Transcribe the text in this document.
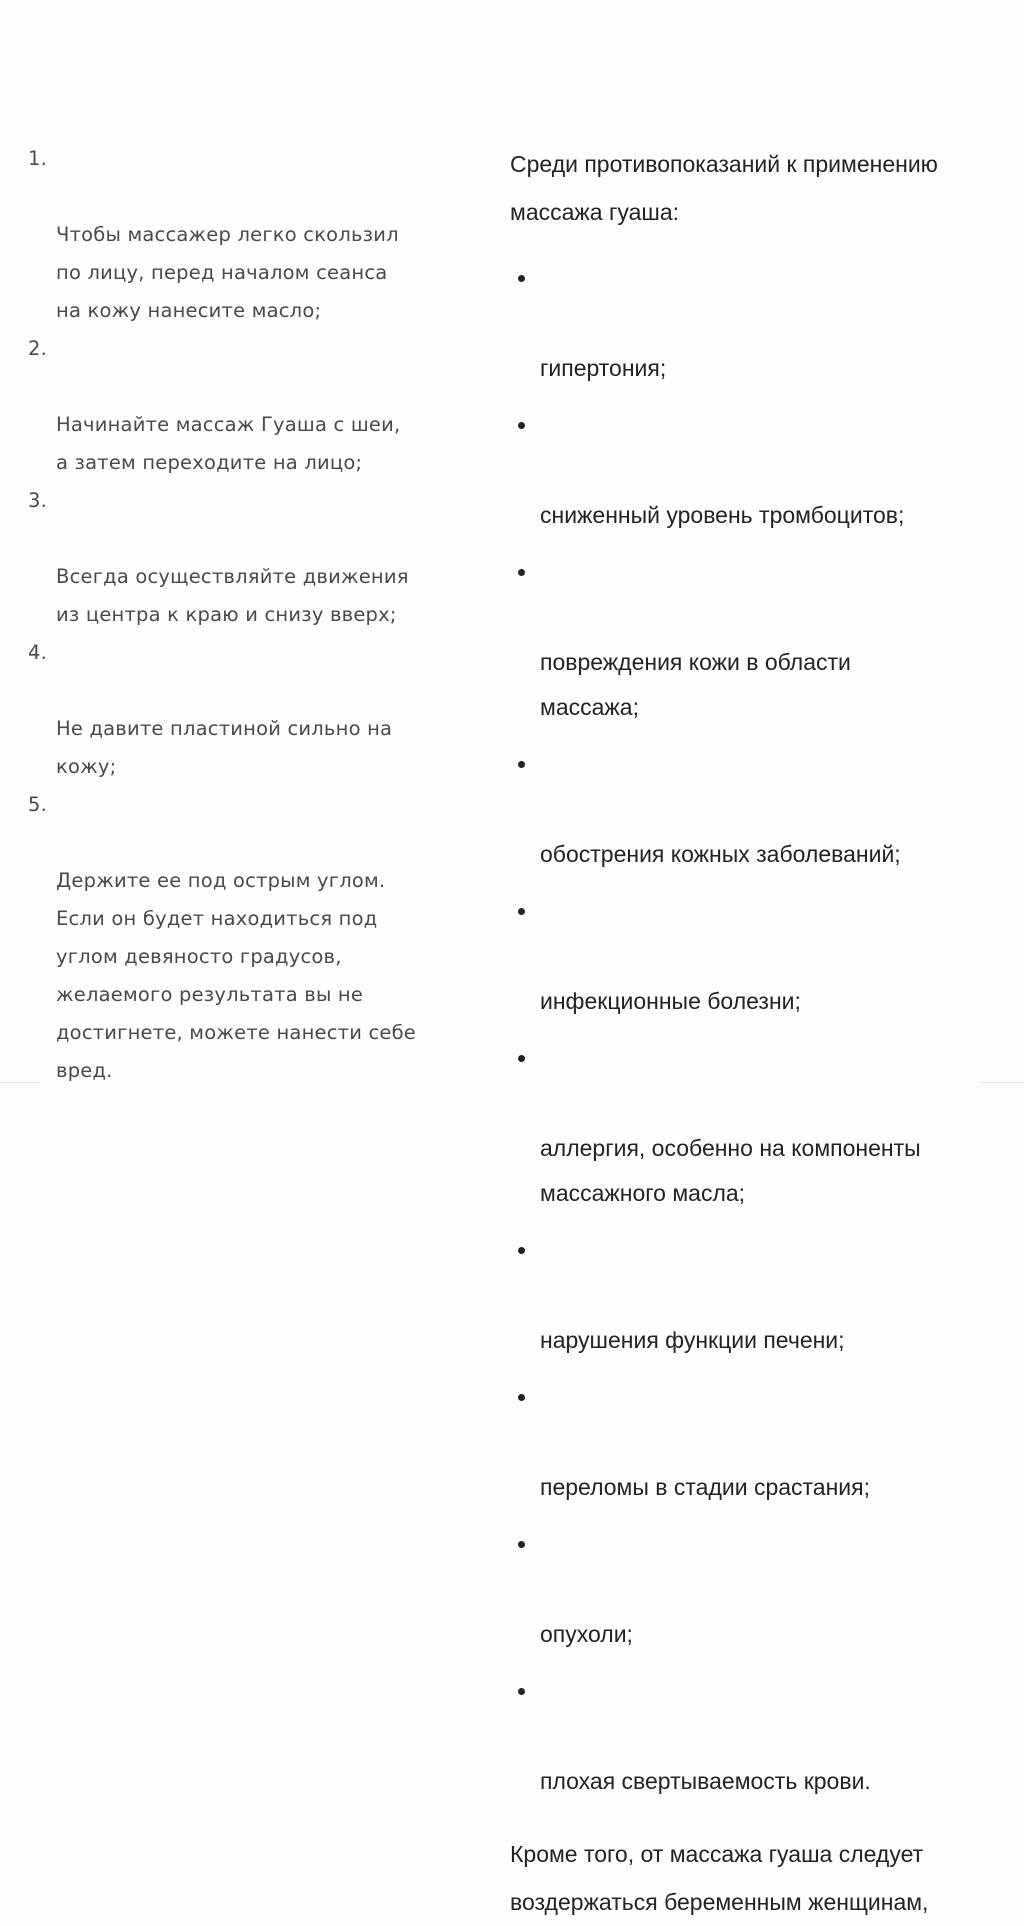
1.

Чтобы массажер легко скользил
по лицу, перед началом сеанса
на кожу нанесите масло;

2.

Начинайте массаж Гуаша с шеи,
а затем переходите на лицо;

3.

Всегда осуществляйте движения
из центра к краю и снизу вверх;

4.

Не давите пластиной сильно на
кожу;

5.

Держите ее под острым углом.
Если он будет находиться под
углом девяносто градусов,
желаемого результата вы не
достигнете, можете нанести себе
вред.

Среди противопоказаний к применению
массажа гуаша:

гипертония;

сниженный уровень тромбоцитов;

повреждения кожи в области
массажа;

обострения кожных заболеваний;

инфекционные болезни;

аллергия, особенно на компоненты
массажного масла;

нарушения функции печени;

переломы в стадии срастания;

опухоли;

плохая свертываемость крови.

Кроме того, от массажа гуаша следует
воздержаться беременным женщинам,
